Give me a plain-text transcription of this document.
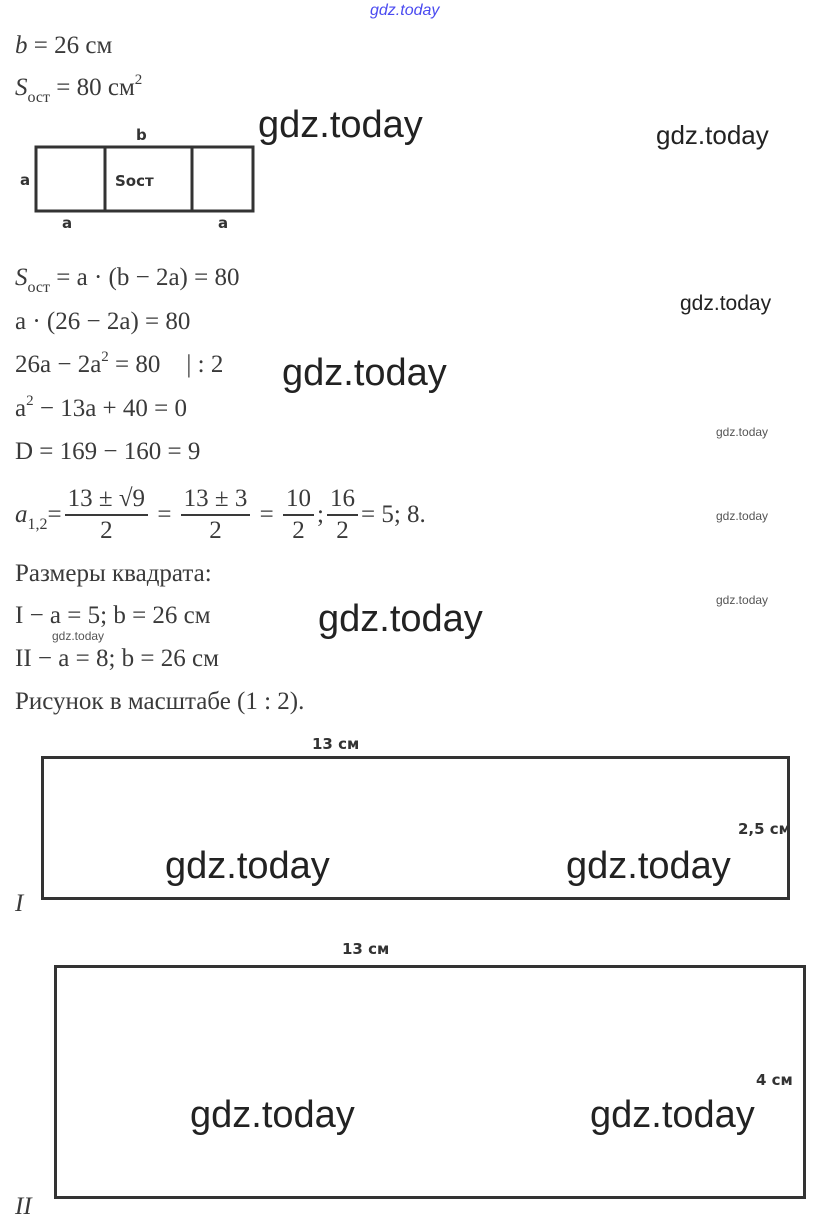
gdz.today
b = 26 см
$S_{ост} = 80$ $см^2$
b
a	Sост
a	a
$S_{ост} = a \cdot (b - 2a) = 80$
a · (26 − 2a) = 80
$26a - 2a^2 = 80$ | : 2
$a^2 - 13a + 40 = 0$
D = 169 − 160 = 9
$a_{1,2} = \frac{13 \pm √9}{2} = \frac{13 \pm 3}{2} = \frac{10}{2}$ ; $\frac{16}{2} = 5$; 8.
Размеры квадрата:
I − a = 5; b = 26 см
II − a = 8; b = 26 см
Рисунок в масштабе (1 : 2).
13 см
2,5 см
I
13 см
4 см
II
gdz.today	gdz.today
gdz.today
gdz.today
gdz.today
gdz.today
gdz.today
gdz.today
gdz.today
gdz.today	gdz.today
gdz.today	gdz.today
